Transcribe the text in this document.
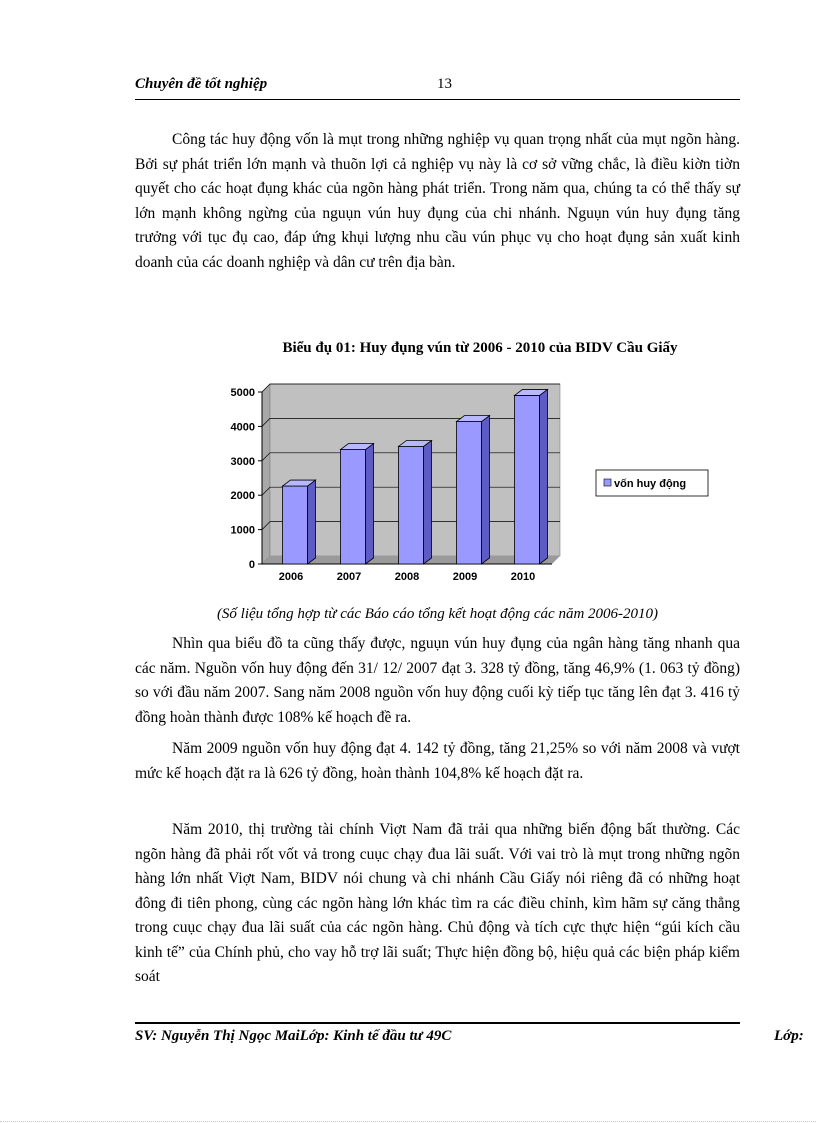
Chuyên đề tốt nghiệp	13

Công tác huy động vốn là mụt trong những nghiệp vụ quan trọng nhất của mụt ngõn hàng. Bởi sự phát triển lớn mạnh và thuõn lợi cả nghiệp vụ này là cơ sở vững chắc, là điều kiờn tiờn quyết cho các hoạt đụng khác của ngõn hàng phát triển. Trong năm qua, chúng ta có thể thấy sự lớn mạnh không ngừng của nguụn vún huy đụng của chi nhánh. Nguụn vún huy đụng tăng trưởng với tục đụ cao, đáp ứng khụi lượng nhu cầu vún phục vụ cho hoạt đụng sản xuất kinh doanh của các doanh nghiệp và dân cư trên địa bàn.

Biểu đụ 01: Huy đụng vún từ 2006 - 2010 của BIDV Cầu Giấy
0
1000
2000
3000
4000
5000
2006	2007	2008	2009	2010
vốn huy động
(Số liệu tổng hợp từ các Báo cáo tổng kết hoạt động các năm 2006-2010)

Nhìn qua biểu đồ ta cũng thấy được, nguụn vún huy đụng của ngân hàng tăng nhanh qua các năm. Nguồn vốn huy động đến 31/ 12/ 2007 đạt 3. 328 tỷ đồng, tăng 46,9% (1. 063 tỷ đồng) so với đầu năm 2007. Sang năm 2008 nguồn vốn huy động cuối kỳ tiếp tục tăng lên đạt 3. 416 tỷ đồng hoàn thành được 108% kế hoạch đề ra.

Năm 2009 nguồn vốn huy động đạt 4. 142 tỷ đồng, tăng 21,25% so với năm 2008 và vượt mức kế hoạch đặt ra là 626 tỷ đồng, hoàn thành 104,8% kế hoạch đặt ra.

Năm 2010, thị trường tài chính Viợt Nam đã trải qua những biến động bất thường. Các ngõn hàng đã phải rốt vốt vả trong cuục chạy đua lãi suất. Với vai trò là mụt trong những ngõn hàng lớn nhất Viợt Nam, BIDV nói chung và chi nhánh Cầu Giấy nói riêng đã có những hoạt đông đi tiên phong, cùng các ngõn hàng lớn khác tìm ra các điều chỉnh, kìm hãm sự căng thẳng trong cuục chạy đua lãi suất của các ngõn hàng. Chủ động và tích cực thực hiện “gúi kích cầu kinh tế” của Chính phủ, cho vay hỗ trợ lãi suất; Thực hiện đồng bộ, hiệu quả các biện pháp kiểm soát

SV: Nguyễn Thị Ngọc MaiLớp: Kinh tế đầu tư 49C	Lớp:
